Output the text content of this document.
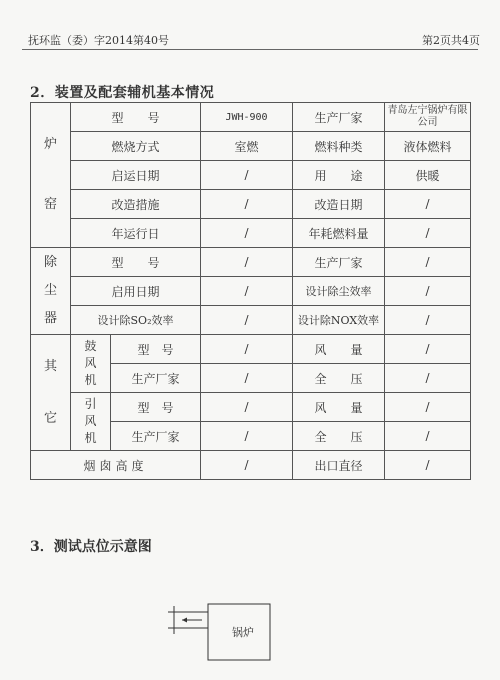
抚环监（委）字2014第40号	第2页共4页
2．装置及配套辅机基本情况
炉
窑	型　　号		JWH-900	生产厂家	青岛左宁锅炉有限公司
	燃烧方式		室燃	燃料种类	液体燃料
	启运日期		/	用　　途	供暖
	改造措施		/	改造日期	/
	年运行日		/	年耗燃料量	/

除
尘
器	型　　号		/	生产厂家	/
	启用日期		/	设计除尘效率	/
	设计除SO₂效率		/	设计除NOX效率	/

其
它	鼓风机	型　号	/	风　　量	/
		生产厂家	/	全　　压	/

	引风机	型　号	/	风　　量	/
		生产厂家	/	全　　压	/
烟囱高度			/	出口直径	/
3．测试点位示意图
锅炉
